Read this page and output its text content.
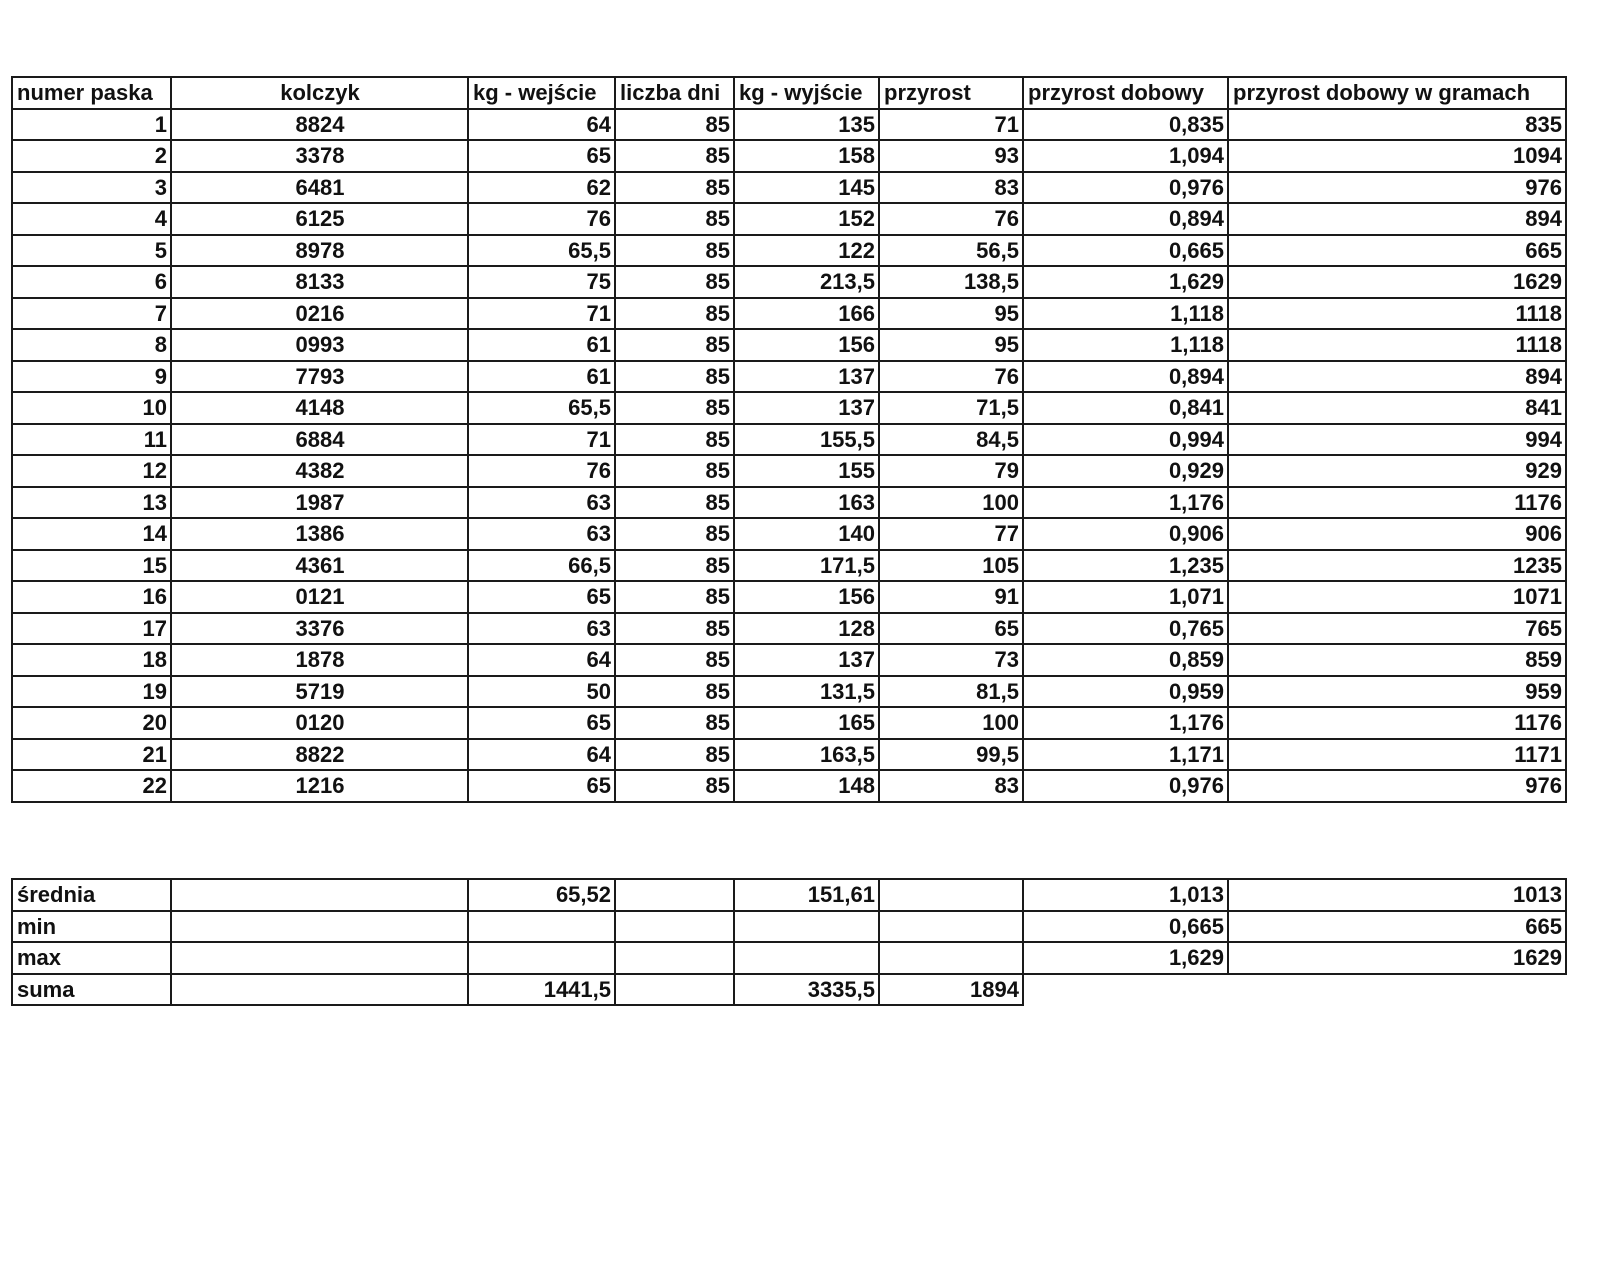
numer paska	kolczyk	kg - wejście	liczba dni	kg - wyjście	przyrost	przyrost dobowy	przyrost dobowy w gramach
1	8824	64	85	135	71	0,835	835
2	3378	65	85	158	93	1,094	1094
3	6481	62	85	145	83	0,976	976
4	6125	76	85	152	76	0,894	894
5	8978	65,5	85	122	56,5	0,665	665
6	8133	75	85	213,5	138,5	1,629	1629
7	0216	71	85	166	95	1,118	1118
8	0993	61	85	156	95	1,118	1118
9	7793	61	85	137	76	0,894	894
10	4148	65,5	85	137	71,5	0,841	841
11	6884	71	85	155,5	84,5	0,994	994
12	4382	76	85	155	79	0,929	929
13	1987	63	85	163	100	1,176	1176
14	1386	63	85	140	77	0,906	906
15	4361	66,5	85	171,5	105	1,235	1235
16	0121	65	85	156	91	1,071	1071
17	3376	63	85	128	65	0,765	765
18	1878	64	85	137	73	0,859	859
19	5719	50	85	131,5	81,5	0,959	959
20	0120	65	85	165	100	1,176	1176
21	8822	64	85	163,5	99,5	1,171	1171
22	1216	65	85	148	83	0,976	976
średnia		65,52		151,61		1,013	1013
min						0,665	665
max						1,629	1629
suma		1441,5		3335,5	1894		
